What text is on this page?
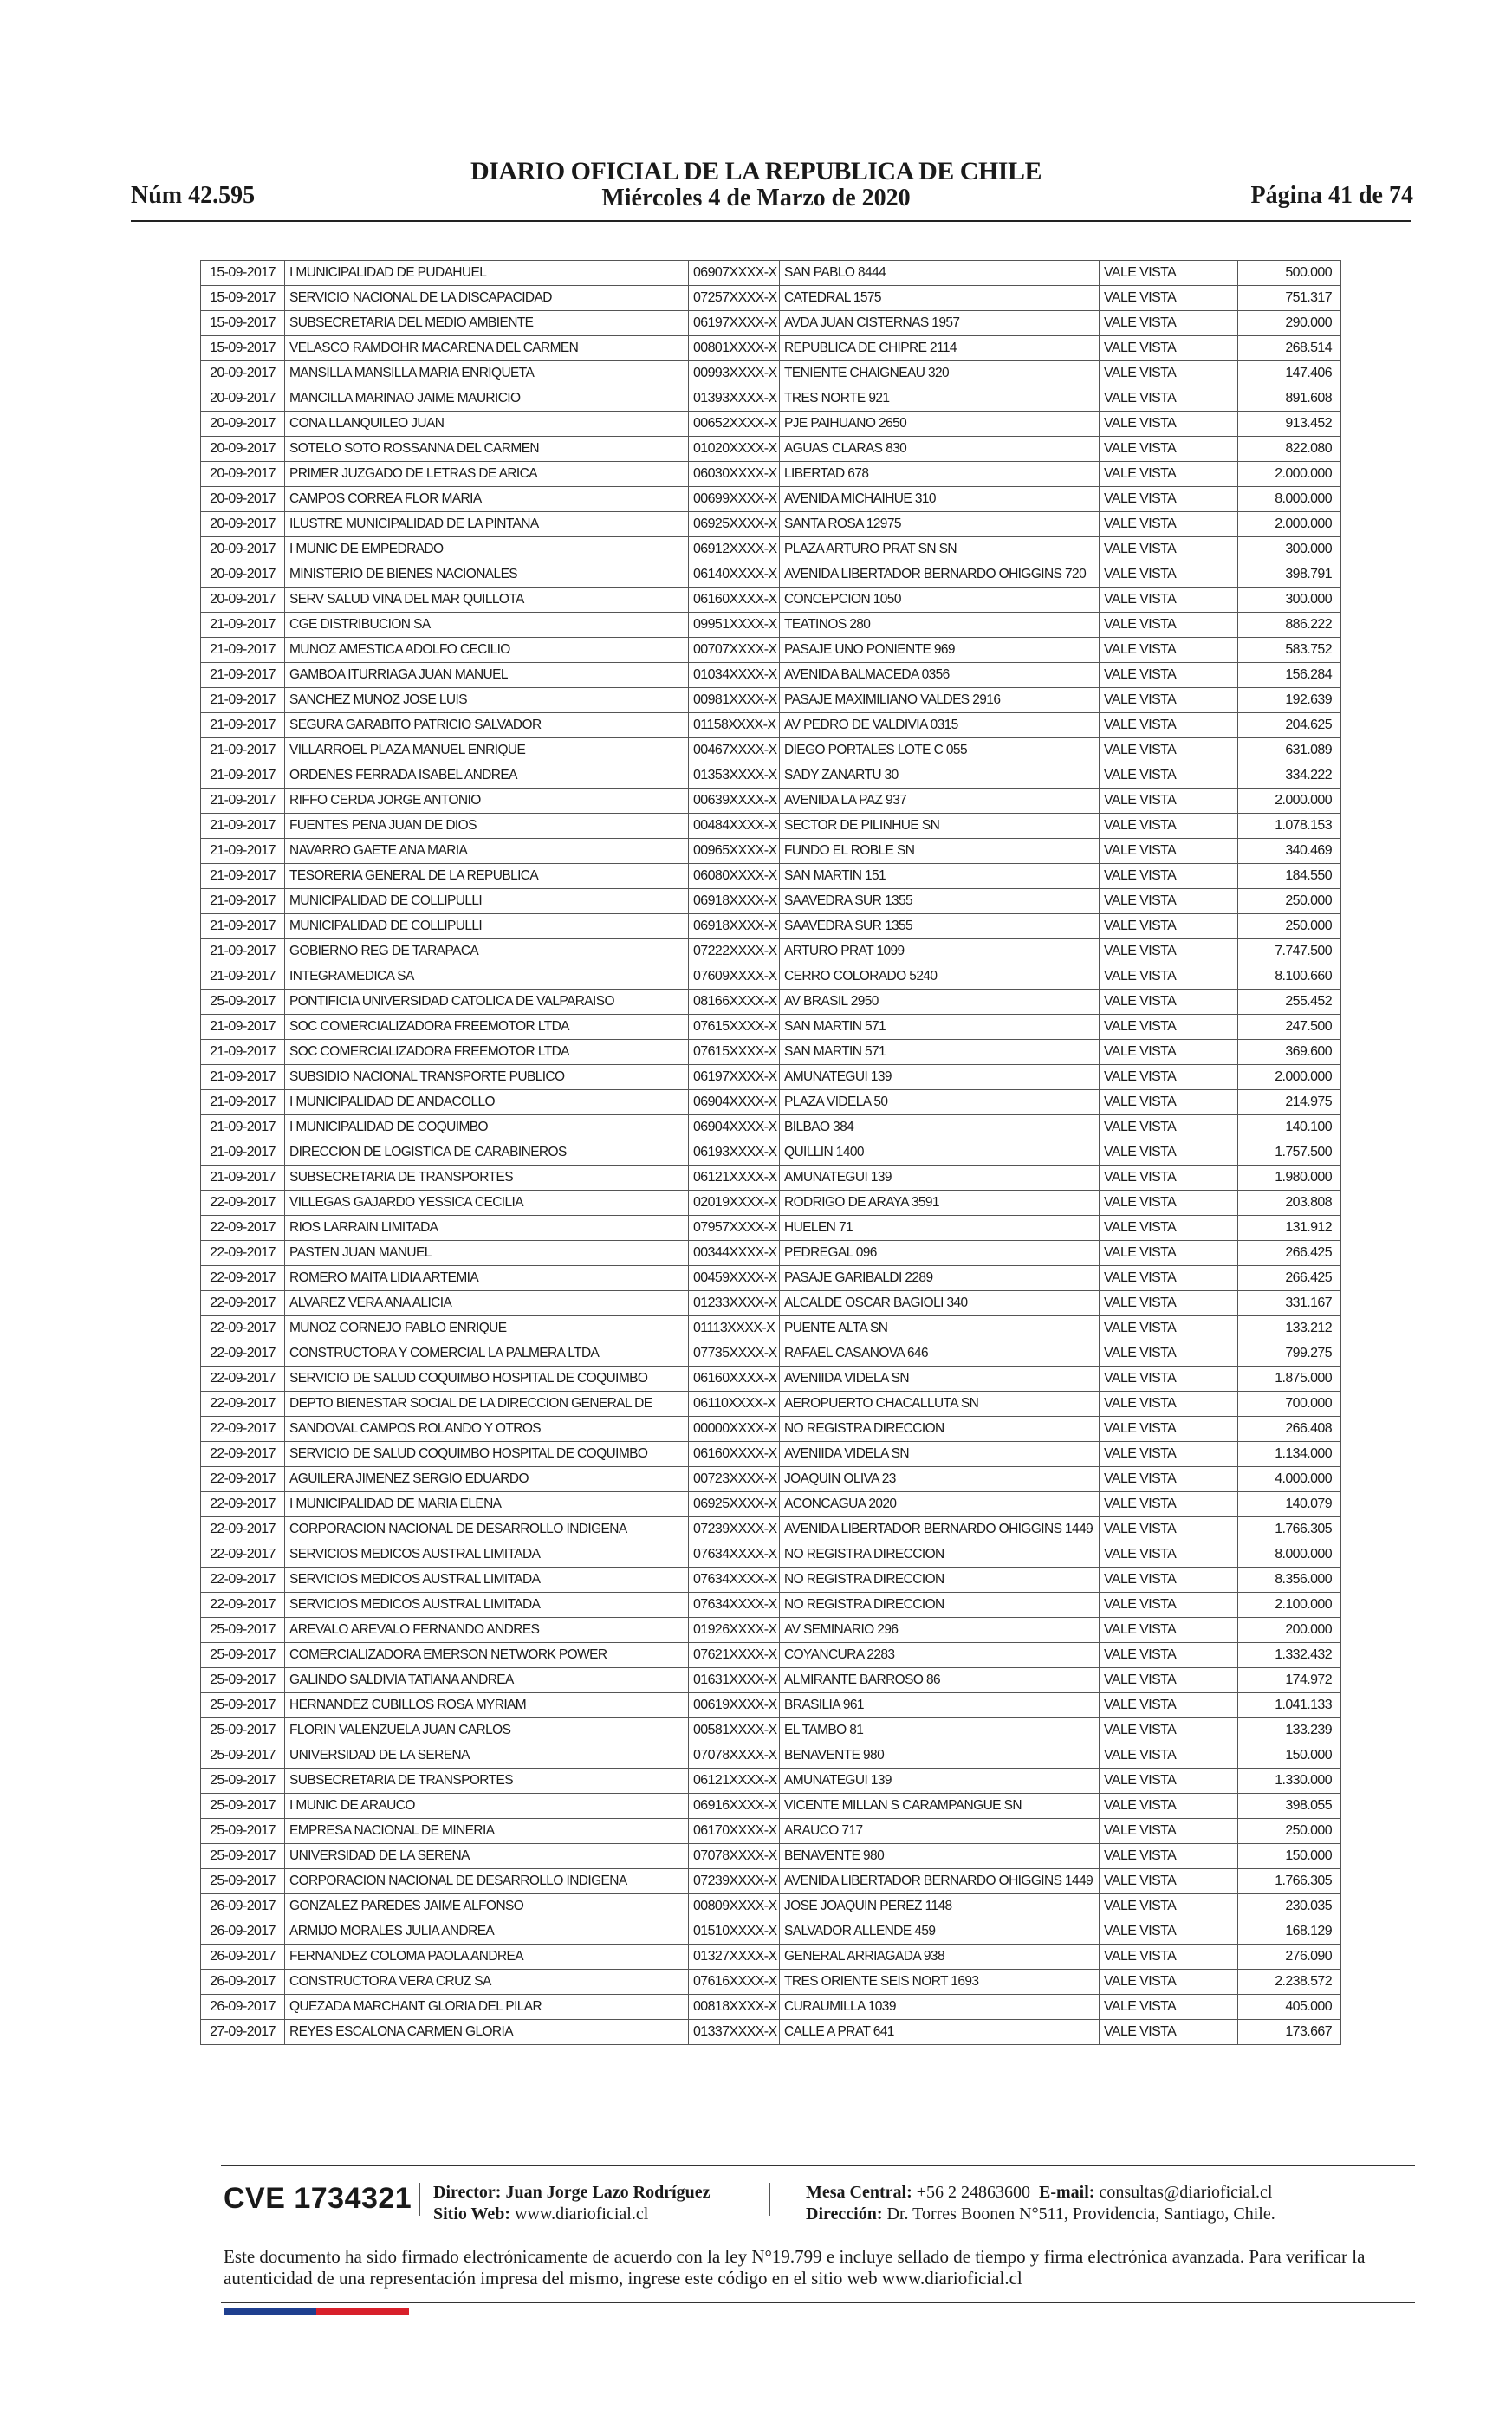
DIARIO OFICIAL DE LA REPUBLICA DE CHILE
Núm 42.595	Miércoles 4 de Marzo de 2020	Página 41 de 74
15-09-2017	I MUNICIPALIDAD DE PUDAHUEL	06907XXXX-X	SAN PABLO 8444	VALE VISTA	500.000
15-09-2017	SERVICIO NACIONAL DE LA DISCAPACIDAD	07257XXXX-X	CATEDRAL 1575	VALE VISTA	751.317
15-09-2017	SUBSECRETARIA DEL MEDIO AMBIENTE	06197XXXX-X	AVDA JUAN CISTERNAS 1957	VALE VISTA	290.000
15-09-2017	VELASCO RAMDOHR MACARENA DEL CARMEN	00801XXXX-X	REPUBLICA DE CHIPRE 2114	VALE VISTA	268.514
20-09-2017	MANSILLA MANSILLA MARIA ENRIQUETA	00993XXXX-X	TENIENTE CHAIGNEAU 320	VALE VISTA	147.406
20-09-2017	MANCILLA MARINAO JAIME MAURICIO	01393XXXX-X	TRES NORTE 921	VALE VISTA	891.608
20-09-2017	CONA LLANQUILEO JUAN	00652XXXX-X	PJE PAIHUANO 2650	VALE VISTA	913.452
20-09-2017	SOTELO SOTO ROSSANNA DEL CARMEN	01020XXXX-X	AGUAS CLARAS 830	VALE VISTA	822.080
20-09-2017	PRIMER JUZGADO DE LETRAS DE ARICA	06030XXXX-X	LIBERTAD 678	VALE VISTA	2.000.000
20-09-2017	CAMPOS CORREA FLOR MARIA	00699XXXX-X	AVENIDA MICHAIHUE 310	VALE VISTA	8.000.000
20-09-2017	ILUSTRE MUNICIPALIDAD DE LA PINTANA	06925XXXX-X	SANTA ROSA 12975	VALE VISTA	2.000.000
20-09-2017	I MUNIC DE EMPEDRADO	06912XXXX-X	PLAZA ARTURO PRAT SN SN	VALE VISTA	300.000
20-09-2017	MINISTERIO DE BIENES NACIONALES	06140XXXX-X	AVENIDA LIBERTADOR BERNARDO OHIGGINS 720	VALE VISTA	398.791
20-09-2017	SERV SALUD VINA DEL MAR QUILLOTA	06160XXXX-X	CONCEPCION 1050	VALE VISTA	300.000
21-09-2017	CGE DISTRIBUCION SA	09951XXXX-X	TEATINOS 280	VALE VISTA	886.222
21-09-2017	MUNOZ AMESTICA ADOLFO CECILIO	00707XXXX-X	PASAJE UNO PONIENTE 969	VALE VISTA	583.752
21-09-2017	GAMBOA ITURRIAGA JUAN MANUEL	01034XXXX-X	AVENIDA BALMACEDA 0356	VALE VISTA	156.284
21-09-2017	SANCHEZ MUNOZ JOSE LUIS	00981XXXX-X	PASAJE MAXIMILIANO VALDES 2916	VALE VISTA	192.639
21-09-2017	SEGURA GARABITO PATRICIO SALVADOR	01158XXXX-X	AV PEDRO DE VALDIVIA 0315	VALE VISTA	204.625
21-09-2017	VILLARROEL PLAZA MANUEL ENRIQUE	00467XXXX-X	DIEGO PORTALES LOTE C 055	VALE VISTA	631.089
21-09-2017	ORDENES FERRADA ISABEL ANDREA	01353XXXX-X	SADY ZANARTU 30	VALE VISTA	334.222
21-09-2017	RIFFO CERDA JORGE ANTONIO	00639XXXX-X	AVENIDA LA PAZ 937	VALE VISTA	2.000.000
21-09-2017	FUENTES PENA JUAN DE DIOS	00484XXXX-X	SECTOR DE PILINHUE SN	VALE VISTA	1.078.153
21-09-2017	NAVARRO GAETE ANA MARIA	00965XXXX-X	FUNDO EL ROBLE SN	VALE VISTA	340.469
21-09-2017	TESORERIA GENERAL DE LA REPUBLICA	06080XXXX-X	SAN MARTIN 151	VALE VISTA	184.550
21-09-2017	MUNICIPALIDAD DE COLLIPULLI	06918XXXX-X	SAAVEDRA SUR 1355	VALE VISTA	250.000
21-09-2017	MUNICIPALIDAD DE COLLIPULLI	06918XXXX-X	SAAVEDRA SUR 1355	VALE VISTA	250.000
21-09-2017	GOBIERNO REG DE TARAPACA	07222XXXX-X	ARTURO PRAT 1099	VALE VISTA	7.747.500
21-09-2017	INTEGRAMEDICA SA	07609XXXX-X	CERRO COLORADO 5240	VALE VISTA	8.100.660
25-09-2017	PONTIFICIA UNIVERSIDAD CATOLICA DE VALPARAISO	08166XXXX-X	AV BRASIL 2950	VALE VISTA	255.452
21-09-2017	SOC COMERCIALIZADORA FREEMOTOR LTDA	07615XXXX-X	SAN MARTIN 571	VALE VISTA	247.500
21-09-2017	SOC COMERCIALIZADORA FREEMOTOR LTDA	07615XXXX-X	SAN MARTIN 571	VALE VISTA	369.600
21-09-2017	SUBSIDIO NACIONAL TRANSPORTE PUBLICO	06197XXXX-X	AMUNATEGUI 139	VALE VISTA	2.000.000
21-09-2017	I MUNICIPALIDAD DE ANDACOLLO	06904XXXX-X	PLAZA VIDELA 50	VALE VISTA	214.975
21-09-2017	I MUNICIPALIDAD DE COQUIMBO	06904XXXX-X	BILBAO 384	VALE VISTA	140.100
21-09-2017	DIRECCION DE LOGISTICA DE CARABINEROS	06193XXXX-X	QUILLIN 1400	VALE VISTA	1.757.500
21-09-2017	SUBSECRETARIA DE TRANSPORTES	06121XXXX-X	AMUNATEGUI 139	VALE VISTA	1.980.000
22-09-2017	VILLEGAS GAJARDO YESSICA CECILIA	02019XXXX-X	RODRIGO DE ARAYA 3591	VALE VISTA	203.808
22-09-2017	RIOS LARRAIN LIMITADA	07957XXXX-X	HUELEN 71	VALE VISTA	131.912
22-09-2017	PASTEN JUAN MANUEL	00344XXXX-X	PEDREGAL 096	VALE VISTA	266.425
22-09-2017	ROMERO MAITA LIDIA ARTEMIA	00459XXXX-X	PASAJE GARIBALDI 2289	VALE VISTA	266.425
22-09-2017	ALVAREZ VERA ANA ALICIA	01233XXXX-X	ALCALDE OSCAR BAGIOLI 340	VALE VISTA	331.167
22-09-2017	MUNOZ CORNEJO PABLO ENRIQUE	01113XXXX-X	PUENTE ALTA SN	VALE VISTA	133.212
22-09-2017	CONSTRUCTORA Y COMERCIAL LA PALMERA LTDA	07735XXXX-X	RAFAEL CASANOVA 646	VALE VISTA	799.275
22-09-2017	SERVICIO DE SALUD COQUIMBO HOSPITAL DE COQUIMBO	06160XXXX-X	AVENIIDA VIDELA SN	VALE VISTA	1.875.000
22-09-2017	DEPTO BIENESTAR SOCIAL DE LA DIRECCION GENERAL DE	06110XXXX-X	AEROPUERTO CHACALLUTA SN	VALE VISTA	700.000
22-09-2017	SANDOVAL CAMPOS ROLANDO Y OTROS	00000XXXX-X	NO REGISTRA DIRECCION	VALE VISTA	266.408
22-09-2017	SERVICIO DE SALUD COQUIMBO HOSPITAL DE COQUIMBO	06160XXXX-X	AVENIIDA VIDELA SN	VALE VISTA	1.134.000
22-09-2017	AGUILERA JIMENEZ SERGIO EDUARDO	00723XXXX-X	JOAQUIN OLIVA 23	VALE VISTA	4.000.000
22-09-2017	I MUNICIPALIDAD DE MARIA ELENA	06925XXXX-X	ACONCAGUA 2020	VALE VISTA	140.079
22-09-2017	CORPORACION NACIONAL DE DESARROLLO INDIGENA	07239XXXX-X	AVENIDA LIBERTADOR BERNARDO OHIGGINS 1449	VALE VISTA	1.766.305
22-09-2017	SERVICIOS MEDICOS AUSTRAL LIMITADA	07634XXXX-X	NO REGISTRA DIRECCION	VALE VISTA	8.000.000
22-09-2017	SERVICIOS MEDICOS AUSTRAL LIMITADA	07634XXXX-X	NO REGISTRA DIRECCION	VALE VISTA	8.356.000
22-09-2017	SERVICIOS MEDICOS AUSTRAL LIMITADA	07634XXXX-X	NO REGISTRA DIRECCION	VALE VISTA	2.100.000
25-09-2017	AREVALO AREVALO FERNANDO ANDRES	01926XXXX-X	AV SEMINARIO 296	VALE VISTA	200.000
25-09-2017	COMERCIALIZADORA EMERSON NETWORK POWER	07621XXXX-X	COYANCURA 2283	VALE VISTA	1.332.432
25-09-2017	GALINDO SALDIVIA TATIANA ANDREA	01631XXXX-X	ALMIRANTE BARROSO 86	VALE VISTA	174.972
25-09-2017	HERNANDEZ CUBILLOS ROSA MYRIAM	00619XXXX-X	BRASILIA 961	VALE VISTA	1.041.133
25-09-2017	FLORIN VALENZUELA JUAN CARLOS	00581XXXX-X	EL TAMBO 81	VALE VISTA	133.239
25-09-2017	UNIVERSIDAD DE LA SERENA	07078XXXX-X	BENAVENTE 980	VALE VISTA	150.000
25-09-2017	SUBSECRETARIA DE TRANSPORTES	06121XXXX-X	AMUNATEGUI 139	VALE VISTA	1.330.000
25-09-2017	I MUNIC DE ARAUCO	06916XXXX-X	VICENTE MILLAN S CARAMPANGUE SN	VALE VISTA	398.055
25-09-2017	EMPRESA NACIONAL DE MINERIA	06170XXXX-X	ARAUCO 717	VALE VISTA	250.000
25-09-2017	UNIVERSIDAD DE LA SERENA	07078XXXX-X	BENAVENTE 980	VALE VISTA	150.000
25-09-2017	CORPORACION NACIONAL DE DESARROLLO INDIGENA	07239XXXX-X	AVENIDA LIBERTADOR BERNARDO OHIGGINS 1449	VALE VISTA	1.766.305
26-09-2017	GONZALEZ PAREDES JAIME ALFONSO	00809XXXX-X	JOSE JOAQUIN PEREZ 1148	VALE VISTA	230.035
26-09-2017	ARMIJO MORALES JULIA ANDREA	01510XXXX-X	SALVADOR ALLENDE 459	VALE VISTA	168.129
26-09-2017	FERNANDEZ COLOMA PAOLA ANDREA	01327XXXX-X	GENERAL ARRIAGADA 938	VALE VISTA	276.090
26-09-2017	CONSTRUCTORA VERA CRUZ SA	07616XXXX-X	TRES ORIENTE SEIS NORT 1693	VALE VISTA	2.238.572
26-09-2017	QUEZADA MARCHANT GLORIA DEL PILAR	00818XXXX-X	CURAUMILLA 1039	VALE VISTA	405.000
27-09-2017	REYES ESCALONA CARMEN GLORIA	01337XXXX-X	CALLE A PRAT 641	VALE VISTA	173.667
CVE 1734321 Director: Juan Jorge Lazo Rodríguez
Sitio Web: www.diarioficial.cl
Mesa Central: +56 2 24863600 E-mail: consultas@diarioficial.cl
Dirección: Dr. Torres Boonen N°511, Providencia, Santiago, Chile.
Este documento ha sido firmado electrónicamente de acuerdo con la ley N°19.799 e incluye sellado de tiempo y firma electrónica avanzada. Para verificar la autenticidad de una representación impresa del mismo, ingrese este código en el sitio web www.diarioficial.cl
